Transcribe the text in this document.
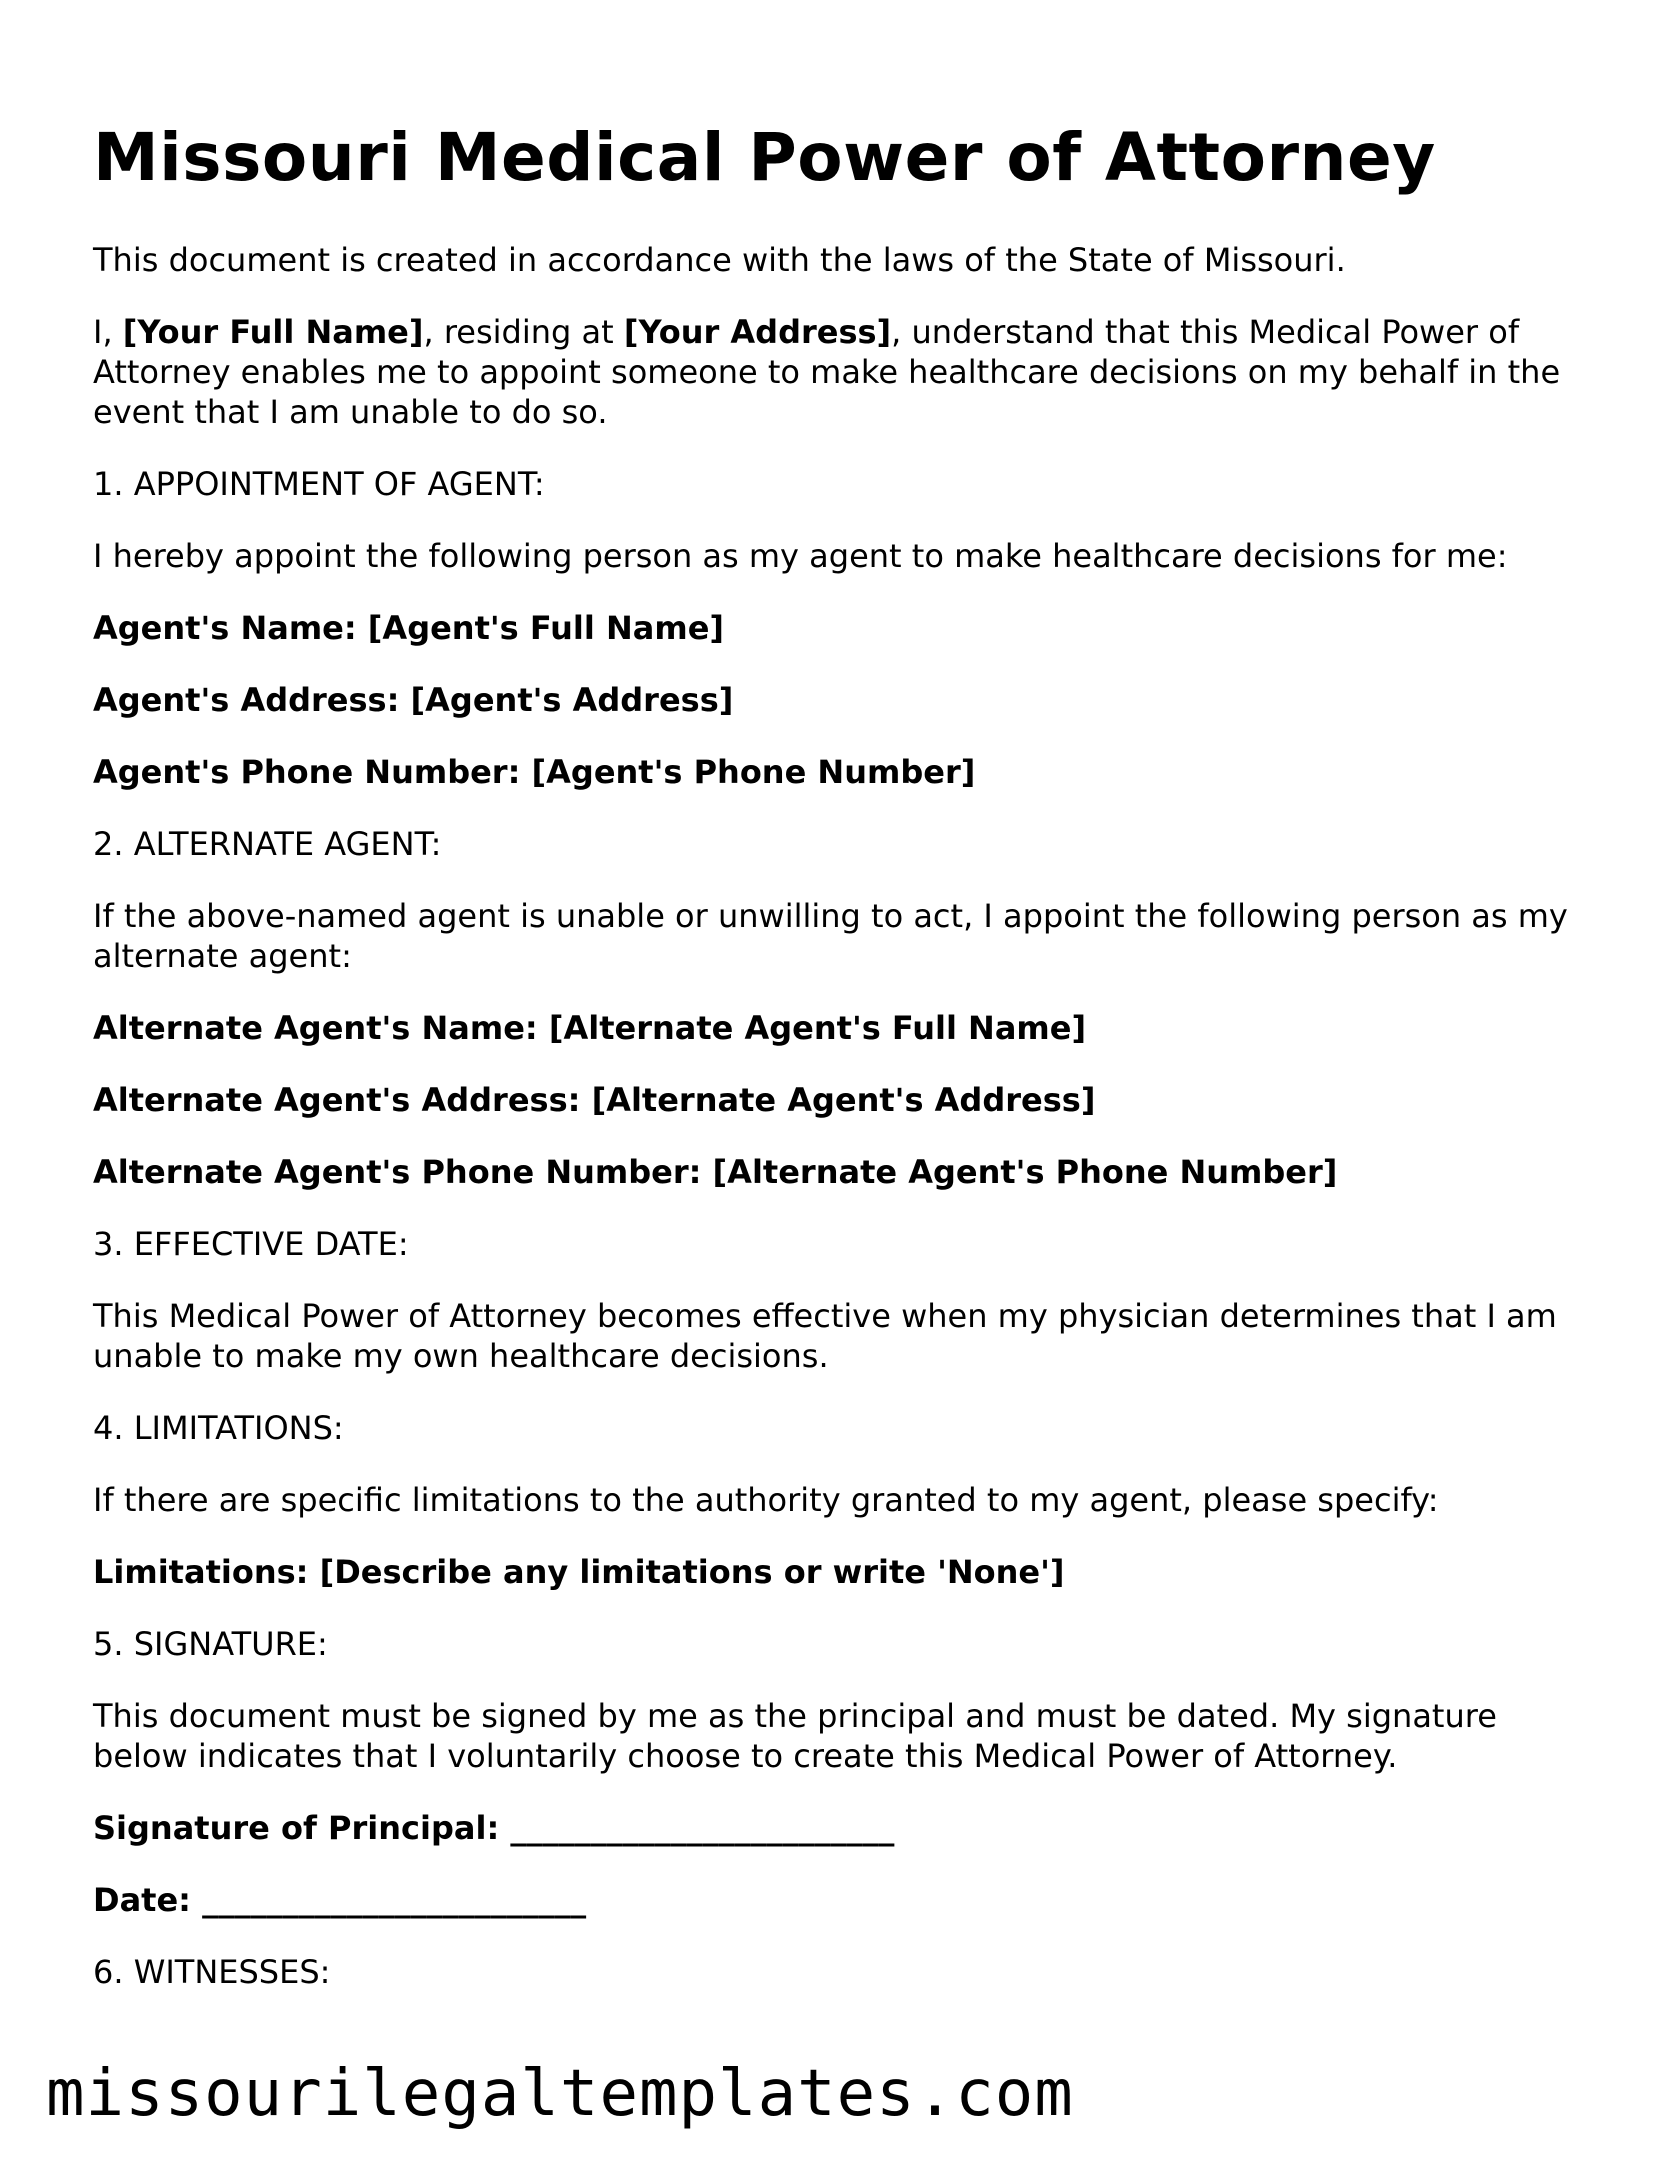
Missouri Medical Power of Attorney
This document is created in accordance with the laws of the State of Missouri.
I, [Your Full Name], residing at [Your Address], understand that this Medical Power of Attorney enables me to appoint someone to make healthcare decisions on my behalf in the event that I am unable to do so.
1. APPOINTMENT OF AGENT:
I hereby appoint the following person as my agent to make healthcare decisions for me:
Agent's Name: [Agent's Full Name]
Agent's Address: [Agent's Address]
Agent's Phone Number: [Agent's Phone Number]
2. ALTERNATE AGENT:
If the above-named agent is unable or unwilling to act, I appoint the following person as my alternate agent:
Alternate Agent's Name: [Alternate Agent's Full Name]
Alternate Agent's Address: [Alternate Agent's Address]
Alternate Agent's Phone Number: [Alternate Agent's Phone Number]
3. EFFECTIVE DATE:
This Medical Power of Attorney becomes effective when my physician determines that I am unable to make my own healthcare decisions.
4. LIMITATIONS:
If there are specific limitations to the authority granted to my agent, please specify:
Limitations: [Describe any limitations or write 'None']
5. SIGNATURE:
This document must be signed by me as the principal and must be dated. My signature below indicates that I voluntarily choose to create this Medical Power of Attorney.
Signature of Principal: ________________________
Date: ________________________
6. WITNESSES:
missourilegaltemplates.com
